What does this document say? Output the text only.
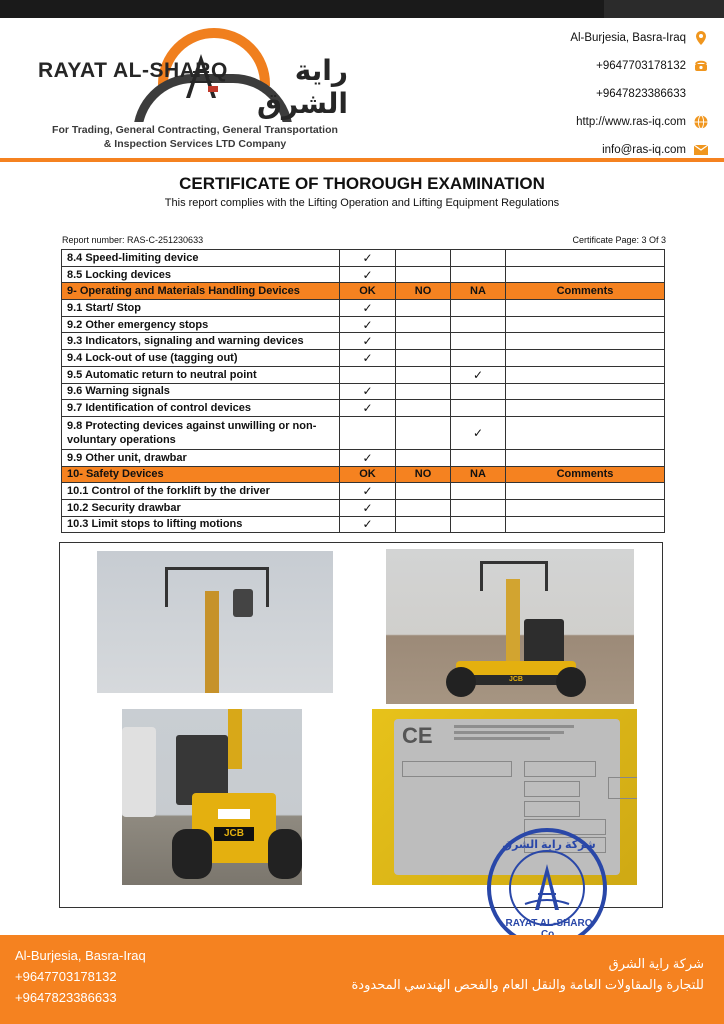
RAYAT AL-SHARQ	راية الشرق
For Trading, General Contracting, General Transportation
& Inspection Services LTD Company
Al-Burjesia, Basra-Iraq
+9647703178132
+9647823386633
http://www.ras-iq.com
info@ras-iq.com
CERTIFICATE OF THOROUGH EXAMINATION
This report complies with the Lifting Operation and Lifting Equipment Regulations
Report number: RAS-C-251230633	Certificate Page: 3 Of 3
8.4 Speed-limiting device	✓			
8.5 Locking devices	✓			
9- Operating and Materials Handling Devices	OK	NO	NA	Comments
9.1 Start/ Stop	✓			
9.2 Other emergency stops	✓			
9.3 Indicators, signaling and warning devices	✓			
9.4 Lock-out of use (tagging out)	✓			
9.5 Automatic return to neutral point			✓	
9.6 Warning signals	✓			
9.7 Identification of control devices	✓			
9.8 Protecting devices against unwilling or non-voluntary operations			✓	
9.9 Other unit, drawbar	✓			
10- Safety Devices	OK	NO	NA	Comments
10.1 Control of the forklift by the driver	✓			
10.2 Security drawbar	✓			
10.3 Limit stops to lifting motions	✓			
JCB
JCB
CE
شركة راية الشرق
RAYAT AL-SHARQ
Al-Burjesia, Basra-Iraq
+9647703178132
+9647823386633
شركة راية الشرق
للتجارة والمقاولات العامة والنقل العام والفحص الهندسي المحدودة
